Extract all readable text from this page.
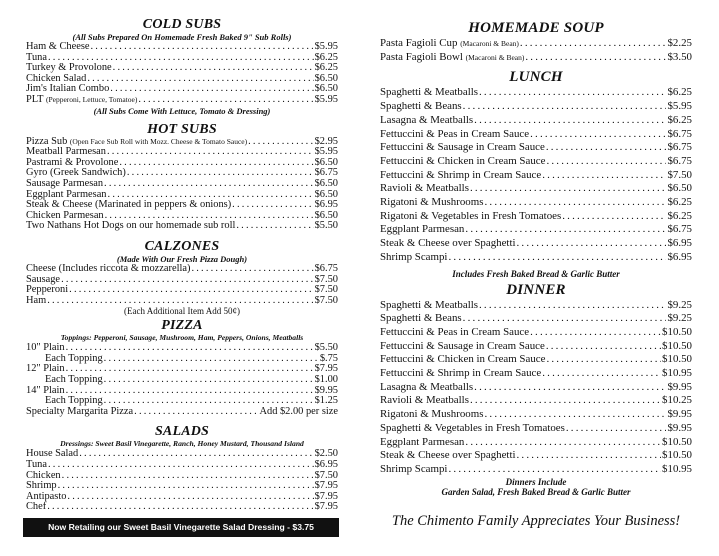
COLD SUBS
(All Subs Prepared On Homemade Fresh Baked 9" Sub Rolls)
Ham & Cheese .....	$5.95
Tuna .....	$6.25
Turkey & Provolone .....	$6.25
Chicken Salad .....	$6.50
Jim's Italian Combo .....	$6.50
PLT (Pepperoni, Lettuce, Tomatoe) .....	$5.95
(All Subs Come With Lettuce, Tomato & Dressing)
HOT SUBS
Pizza Sub (Open Face Sub Roll with Mozz. Cheese & Tomato Sauce) .....	$2.95
Meatball Parmesan .....	$5.95
Pastrami & Provolone .....	$6.50
Gyro (Greek Sandwich) .....	$6.75
Sausage Parmesan .....	$6.50
Eggplant Parmesan .....	$6.50
Steak & Cheese (Marinated in peppers & onions) .....	$6.95
Chicken Parmesan .....	$6.50
Two Nathans Hot Dogs on our homemade sub roll .....	$5.50
CALZONES
(Made With Our Fresh Pizza Dough)
Cheese (Includes riccota & mozzarella) .....	$6.75
Sausage .....	$7.50
Pepperoni .....	$7.50
Ham .....	$7.50
(Each Additional Item Add 50¢)
PIZZA
Toppings: Pepperoni, Sausage, Mushroom, Ham, Peppers, Onions, Meatballs
10" Plain .....	$5.50
Each Topping .....	$.75
12" Plain .....	$7.95
Each Topping .....	$1.00
14" Plain .....	$9.95
Each Topping .....	$1.25
Specialty Margarita Pizza .....	Add $2.00 per size
SALADS
Dressings: Sweet Basil Vinegarette, Ranch, Honey Mustard, Thousand Island
House Salad .....	$2.50
Tuna .....	$6.95
Chicken .....	$7.50
Shrimp .....	$7.95
Antipasto .....	$7.95
Chef .....	$7.95
Now Retailing our Sweet Basil Vinegarette Salad Dressing - $3.75
HOMEMADE SOUP
Pasta Fagioli Cup (Macaroni & Bean) .....	$2.25
Pasta Fagioli Bowl (Macaroni & Bean) .....	$3.50
LUNCH
Spaghetti & Meatballs .....	$6.25
Spaghetti & Beans .....	$5.95
Lasagna & Meatballs .....	$6.25
Fettuccini & Peas in Cream Sauce .....	$6.75
Fettuccini & Sausage in Cream Sauce .....	$6.75
Fettuccini & Chicken in Cream Sauce .....	$6.75
Fettuccini & Shrimp in Cream Sauce .....	$7.50
Ravioli & Meatballs .....	$6.50
Rigatoni & Mushrooms .....	$6.25
Rigatoni & Vegetables in Fresh Tomatoes .....	$6.25
Eggplant Parmesan .....	$6.75
Steak & Cheese over Spaghetti .....	$6.95
Shrimp Scampi .....	$6.95
Includes Fresh Baked Bread & Garlic Butter
DINNER
Spaghetti & Meatballs .....	$9.25
Spaghetti & Beans .....	$9.25
Fettuccini & Peas in Cream Sauce .....	$10.50
Fettuccini & Sausage in Cream Sauce .....	$10.50
Fettuccini & Chicken in Cream Sauce .....	$10.50
Fettuccini & Shrimp in Cream Sauce .....	$10.95
Lasagna & Meatballs .....	$9.95
Ravioli & Meatballs .....	$10.25
Rigatoni & Mushrooms .....	$9.95
Spaghetti & Vegetables in Fresh Tomatoes .....	$9.95
Eggplant Parmesan .....	$10.50
Steak & Cheese over Spaghetti .....	$10.50
Shrimp Scampi .....	$10.95
Dinners Include
Garden Salad, Fresh Baked Bread & Garlic Butter
The Chimento Family Appreciates Your Business!
